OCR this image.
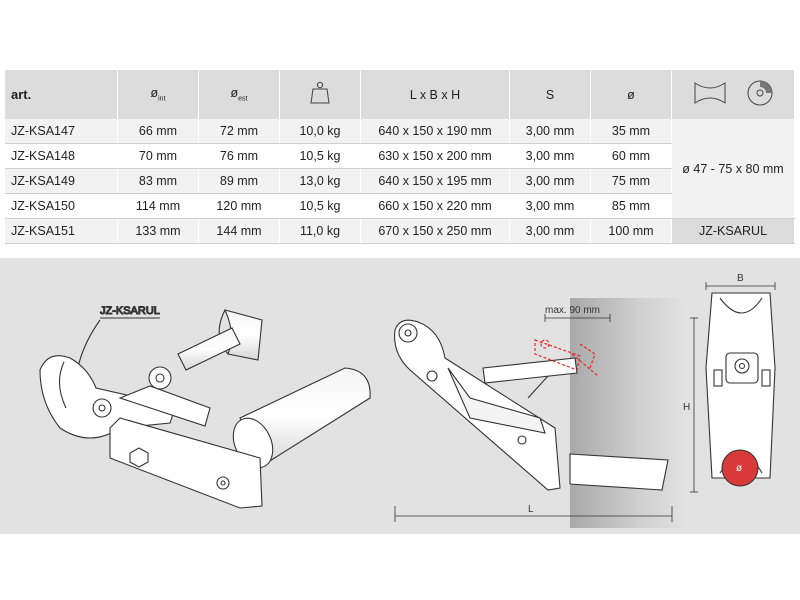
art.	$ø_{int}$	$ø_{est}$		L x B x H	S	ø	
JZ-KSA147	66 mm	72 mm	10,0 kg	640 x 150 x 190 mm	3,00 mm	35 mm	ø 47 - 75 x 80 mm
JZ-KSA148	70 mm	76 mm	10,5 kg	630 x 150 x 200 mm	3,00 mm	60 mm	
JZ-KSA149	83 mm	89 mm	13,0 kg	640 x 150 x 195 mm	3,00 mm	75 mm	
JZ-KSA150	114 mm	120 mm	10,5 kg	660 x 150 x 220 mm	3,00 mm	85 mm	
JZ-KSA151	133 mm	144 mm	11,0 kg	670 x 150 x 250 mm	3,00 mm	100 mm	JZ-KSARUL
JZ-KSARUL	max. 90 mm
L
ø
B
H
